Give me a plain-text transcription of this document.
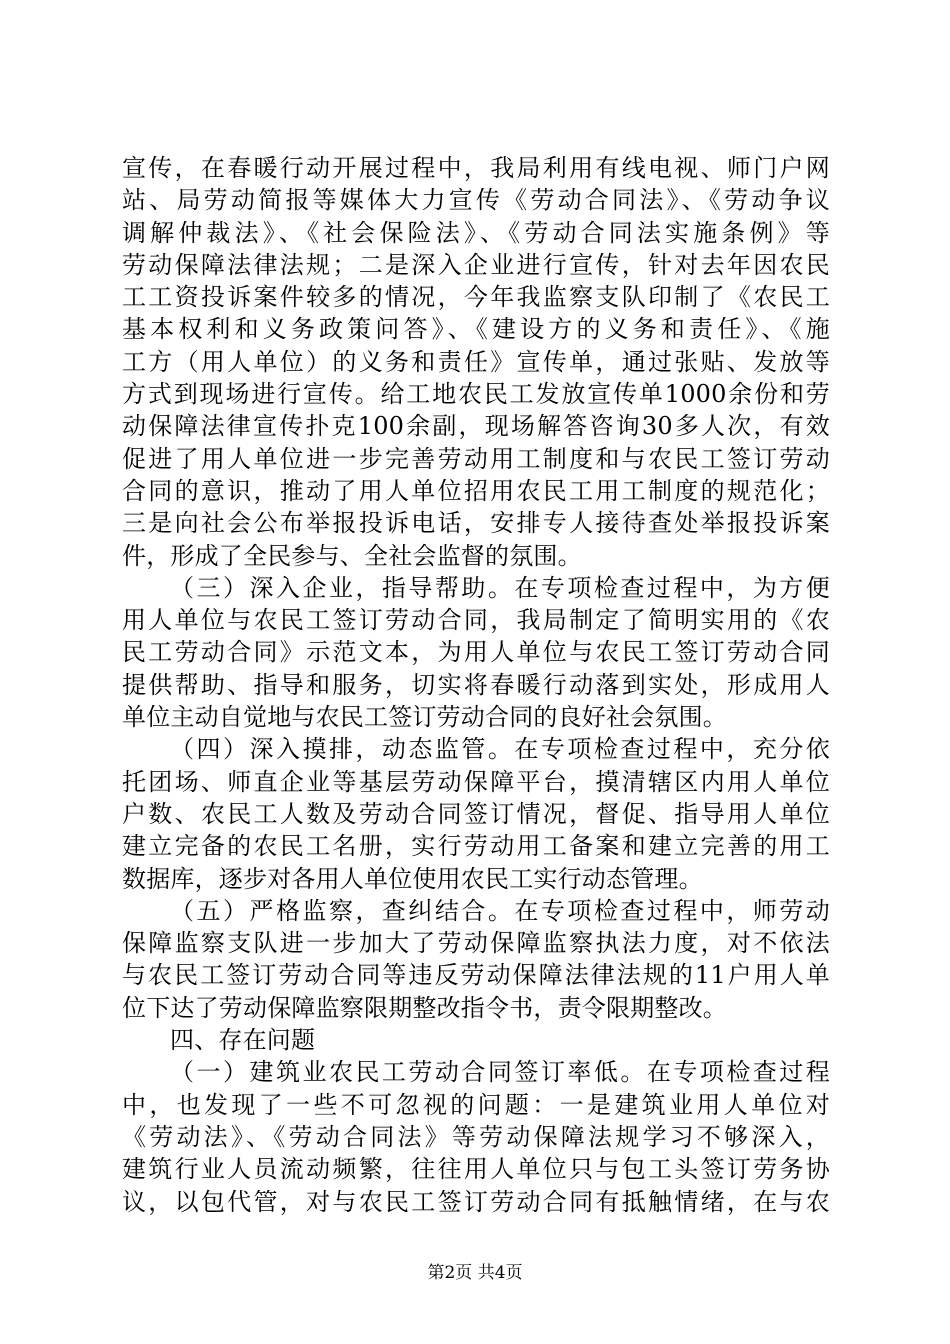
宣传，在春暖行动开展过程中，我局利用有线电视、师门户网
站、局劳动简报等媒体大力宣传《劳动合同法》、《劳动争议
调解仲裁法》、《社会保险法》、《劳动合同法实施条例》等
劳动保障法律法规；二是深入企业进行宣传，针对去年因农民
工工资投诉案件较多的情况，今年我监察支队印制了《农民工
基本权利和义务政策问答》、《建设方的义务和责任》、《施
工方（用人单位）的义务和责任》宣传单，通过张贴、发放等
方式到现场进行宣传。给工地农民工发放宣传单1000余份和劳
动保障法律宣传扑克100余副，现场解答咨询30多人次，有效
促进了用人单位进一步完善劳动用工制度和与农民工签订劳动
合同的意识，推动了用人单位招用农民工用工制度的规范化；
三是向社会公布举报投诉电话，安排专人接待查处举报投诉案
件，形成了全民参与、全社会监督的氛围。
（三）深入企业，指导帮助。在专项检查过程中，为方便
用人单位与农民工签订劳动合同，我局制定了简明实用的《农
民工劳动合同》示范文本，为用人单位与农民工签订劳动合同
提供帮助、指导和服务，切实将春暖行动落到实处，形成用人
单位主动自觉地与农民工签订劳动合同的良好社会氛围。
（四）深入摸排，动态监管。在专项检查过程中，充分依
托团场、师直企业等基层劳动保障平台，摸清辖区内用人单位
户数、农民工人数及劳动合同签订情况，督促、指导用人单位
建立完备的农民工名册，实行劳动用工备案和建立完善的用工
数据库，逐步对各用人单位使用农民工实行动态管理。
（五）严格监察，查纠结合。在专项检查过程中，师劳动
保障监察支队进一步加大了劳动保障监察执法力度，对不依法
与农民工签订劳动合同等违反劳动保障法律法规的11户用人单
位下达了劳动保障监察限期整改指令书，责令限期整改。
四、存在问题
（一）建筑业农民工劳动合同签订率低。在专项检查过程
中，也发现了一些不可忽视的问题：一是建筑业用人单位对
《劳动法》、《劳动合同法》等劳动保障法规学习不够深入，
建筑行业人员流动频繁，往往用人单位只与包工头签订劳务协
议，以包代管，对与农民工签订劳动合同有抵触情绪，在与农
第2页 共4页
